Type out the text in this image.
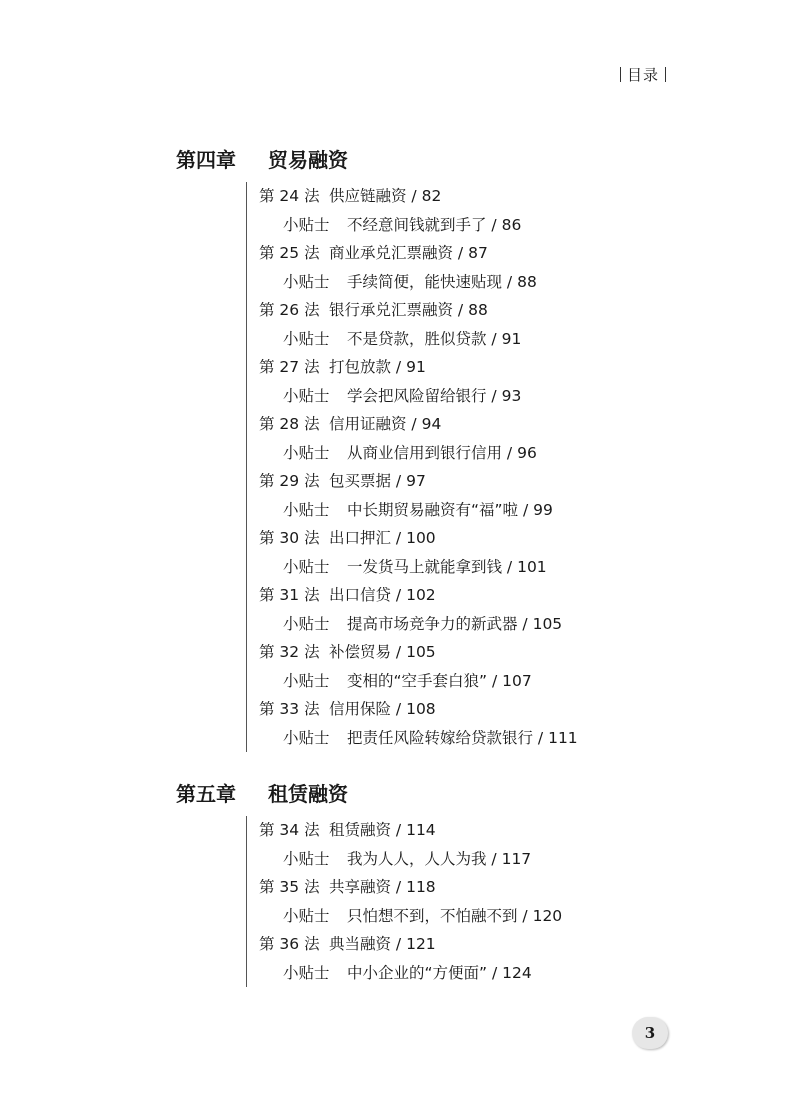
目录
第四章 贸易融资
第 24 法 供应链融资 / 82
小贴士 不经意间钱就到手了 / 86
第 25 法 商业承兑汇票融资 / 87
小贴士 手续简便，能快速贴现 / 88
第 26 法 银行承兑汇票融资 / 88
小贴士 不是贷款，胜似贷款 / 91
第 27 法 打包放款 / 91
小贴士 学会把风险留给银行 / 93
第 28 法 信用证融资 / 94
小贴士 从商业信用到银行信用 / 96
第 29 法 包买票据 / 97
小贴士 中长期贸易融资有“福”啦 / 99
第 30 法 出口押汇 / 100
小贴士 一发货马上就能拿到钱 / 101
第 31 法 出口信贷 / 102
小贴士 提高市场竞争力的新武器 / 105
第 32 法 补偿贸易 / 105
小贴士 变相的“空手套白狼” / 107
第 33 法 信用保险 / 108
小贴士 把责任风险转嫁给贷款银行 / 111
第五章 租赁融资
第 34 法 租赁融资 / 114
小贴士 我为人人，人人为我 / 117
第 35 法 共享融资 / 118
小贴士 只怕想不到，不怕融不到 / 120
第 36 法 典当融资 / 121
小贴士 中小企业的“方便面” / 124
3
